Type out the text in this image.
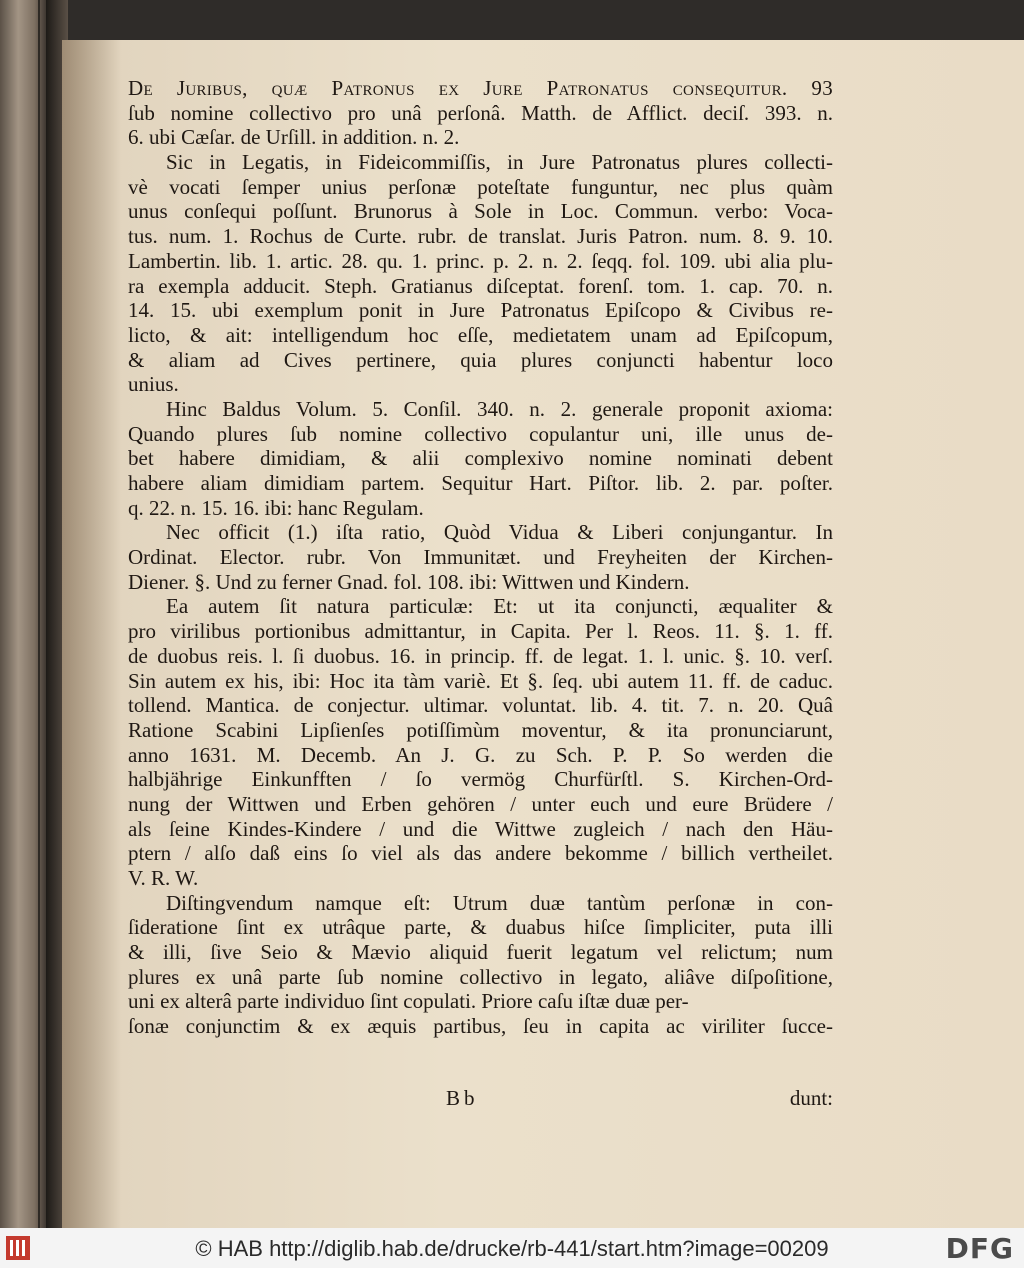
De Juribus, quæ Patronus ex Jure Patronatus consequitur. 93
ſub nomine collectivo pro unâ perſonâ. Matth. de Afflict. deciſ. 393. n.
6. ubi Cæſar. de Urſill. in addition. n. 2.
Sic in Legatis, in Fideicommiſſis, in Jure Patronatus plures collecti-
vè vocati ſemper unius perſonæ poteſtate funguntur, nec plus quàm
unus conſequi poſſunt. Brunorus à Sole in Loc. Commun. verbo: Voca-
tus. num. 1. Rochus de Curte. rubr. de translat. Juris Patron. num. 8. 9. 10.
Lambertin. lib. 1. artic. 28. qu. 1. princ. p. 2. n. 2. ſeqq. fol. 109. ubi alia plu-
ra exempla adducit. Steph. Gratianus diſceptat. forenſ. tom. 1. cap. 70. n.
14. 15. ubi exemplum ponit in Jure Patronatus Epiſcopo & Civibus re-
licto, & ait: intelligendum hoc eſſe, medietatem unam ad Epiſcopum,
& aliam ad Cives pertinere, quia plures conjuncti habentur loco
unius.
Hinc Baldus Volum. 5. Conſil. 340. n. 2. generale proponit axioma:
Quando plures ſub nomine collectivo copulantur uni, ille unus de-
bet habere dimidiam, & alii complexivo nomine nominati debent
habere aliam dimidiam partem. Sequitur Hart. Piſtor. lib. 2. par. poſter.
q. 22. n. 15. 16. ibi: hanc Regulam.
Nec officit (1.) iſta ratio, Quòd Vidua & Liberi conjungantur. In
Ordinat. Elector. rubr. Von Immunitæt. und Freyheiten der Kirchen-
Diener. §. Und zu ferner Gnad. fol. 108. ibi: Wittwen und Kindern.
Ea autem ſit natura particulæ: Et: ut ita conjuncti, æqualiter &
pro virilibus portionibus admittantur, in Capita. Per l. Reos. 11. §. 1. ff.
de duobus reis. l. ſi duobus. 16. in princip. ff. de legat. 1. l. unic. §. 10. verſ.
Sin autem ex his, ibi: Hoc ita tàm variè. Et §. ſeq. ubi autem 11. ff. de caduc.
tollend. Mantica. de conjectur. ultimar. voluntat. lib. 4. tit. 7. n. 20. Quâ
Ratione Scabini Lipſienſes potiſſimùm moventur, & ita pronunciarunt,
anno 1631. M. Decemb. An J. G. zu Sch. P. P. So werden die
halbjährige Einkunfften / ſo vermög Churfürſtl. S. Kirchen-Ord-
nung der Wittwen und Erben gehören / unter euch und eure Brüdere /
als ſeine Kindes-Kindere / und die Wittwe zugleich / nach den Häu-
ptern / alſo daß eins ſo viel als das andere bekomme / billich vertheilet.
V. R. W.
Diſtingvendum namque eſt: Utrum duæ tantùm perſonæ in con-
ſideratione ſint ex utrâque parte, & duabus hiſce ſimpliciter, puta illi
& illi, ſive Seio & Mævio aliquid fuerit legatum vel relictum; num
plures ex unâ parte ſub nomine collectivo in legato, aliâve diſpoſitione,
uni ex alterâ parte individuo ſint copulati. Priore caſu iſtæ duæ per-
ſonæ conjunctim & ex æquis partibus, ſeu in capita ac viriliter ſucce-
Bb	dunt:
© HAB http://diglib.hab.de/drucke/rb-441/start.htm?image=00209	DFG
